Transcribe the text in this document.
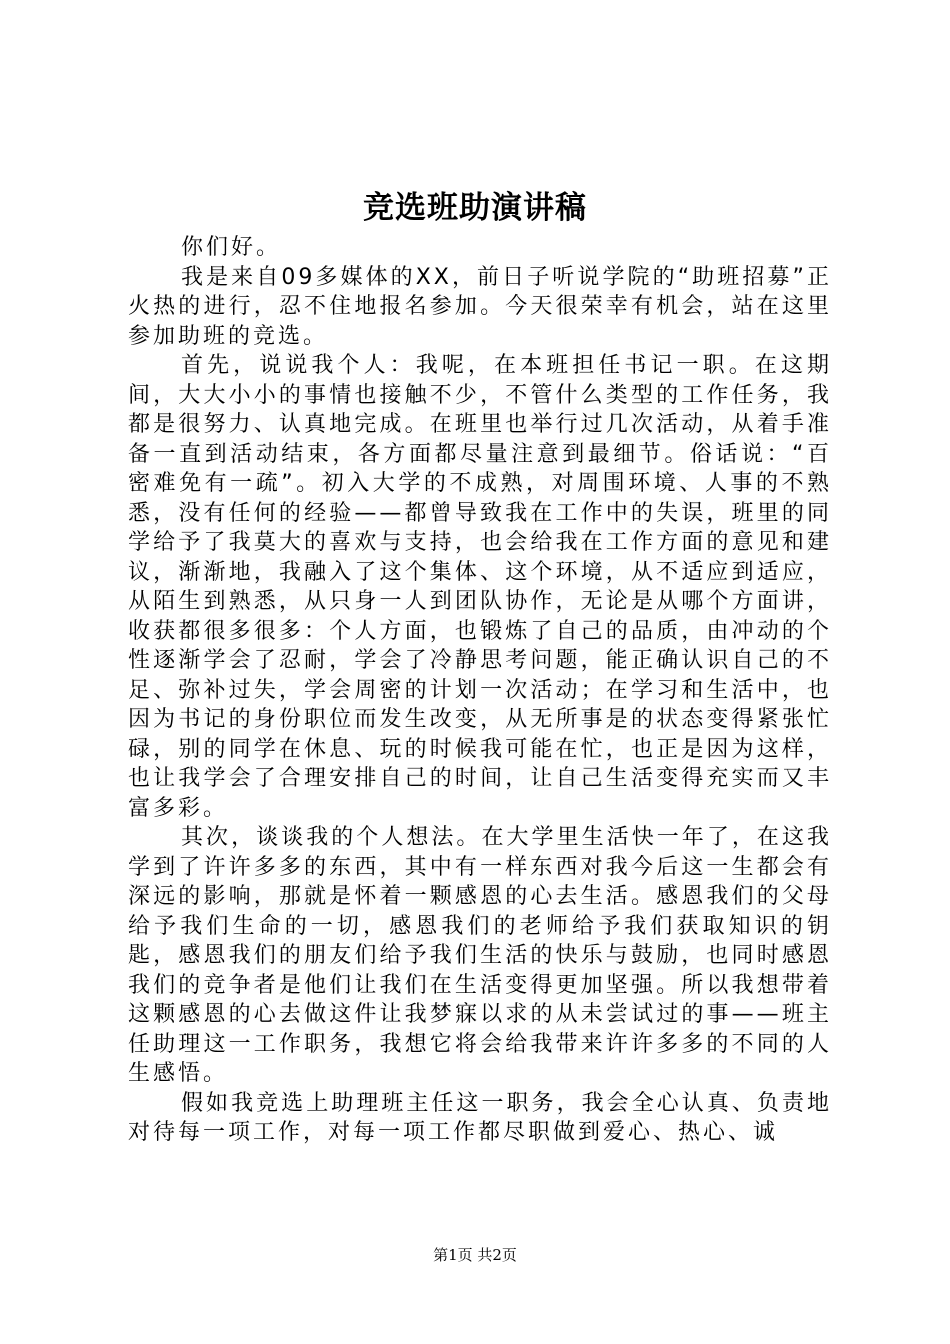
竞选班助演讲稿

你们好。

我是来自09多媒体的XX，前日子听说学院的“助班招募”正火热的进行，忍不住地报名参加。今天很荣幸有机会，站在这里参加助班的竞选。

首先，说说我个人：我呢，在本班担任书记一职。在这期间，大大小小的事情也接触不少，不管什么类型的工作任务，我都是很努力、认真地完成。在班里也举行过几次活动，从着手准备一直到活动结束，各方面都尽量注意到最细节。俗话说：“百密难免有一疏”。初入大学的不成熟，对周围环境、人事的不熟悉，没有任何的经验——都曾导致我在工作中的失误，班里的同学给予了我莫大的喜欢与支持，也会给我在工作方面的意见和建议，渐渐地，我融入了这个集体、这个环境，从不适应到适应，从陌生到熟悉，从只身一人到团队协作，无论是从哪个方面讲，收获都很多很多：个人方面，也锻炼了自己的品质，由冲动的个性逐渐学会了忍耐，学会了冷静思考问题，能正确认识自己的不足、弥补过失，学会周密的计划一次活动；在学习和生活中，也因为书记的身份职位而发生改变，从无所事是的状态变得紧张忙碌，别的同学在休息、玩的时候我可能在忙，也正是因为这样，也让我学会了合理安排自己的时间，让自己生活变得充实而又丰富多彩。

其次，谈谈我的个人想法。在大学里生活快一年了，在这我学到了许许多多的东西，其中有一样东西对我今后这一生都会有深远的影响，那就是怀着一颗感恩的心去生活。感恩我们的父母给予我们生命的一切，感恩我们的老师给予我们获取知识的钥匙，感恩我们的朋友们给予我们生活的快乐与鼓励，也同时感恩我们的竞争者是他们让我们在生活变得更加坚强。所以我想带着这颗感恩的心去做这件让我梦寐以求的从未尝试过的事——班主任助理这一工作职务，我想它将会给我带来许许多多的不同的人生感悟。

假如我竞选上助理班主任这一职务，我会全心认真、负责地对待每一项工作，对每一项工作都尽职做到爱心、热心、诚

第1页 共2页
